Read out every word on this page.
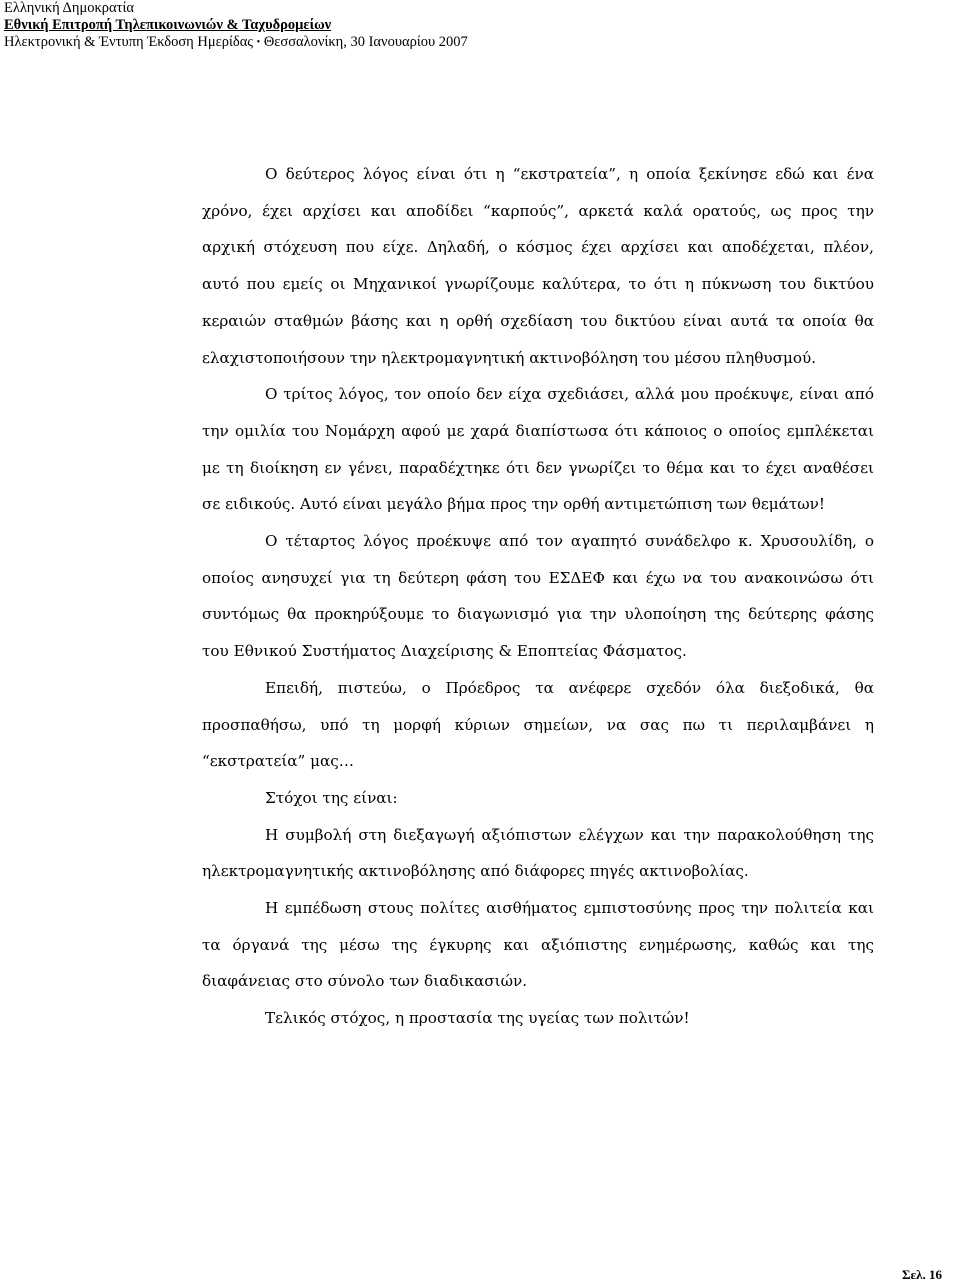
Ελληνική Δημοκρατία
Εθνική Επιτροπή Τηλεπικοινωνιών & Ταχυδρομείων
Ηλεκτρονική & Έντυπη Έκδοση Ημερίδας • Θεσσαλονίκη, 30 Ιανουαρίου 2007

Ο δεύτερος λόγος είναι ότι η “εκστρατεία”, η οποία ξεκίνησε εδώ και ένα χρόνο, έχει αρχίσει και αποδίδει “καρπούς”, αρκετά καλά ορατούς, ως προς την αρχική στόχευση που είχε. Δηλαδή, ο κόσμος έχει αρχίσει και αποδέχεται, πλέον, αυτό που εμείς οι Μηχανικοί γνωρίζουμε καλύτερα, το ότι η πύκνωση του δικτύου κεραιών σταθμών βάσης και η ορθή σχεδίαση του δικτύου είναι αυτά τα οποία θα ελαχιστοποιήσουν την ηλεκτρομαγνητική ακτινοβόληση του μέσου πληθυσμού.

Ο τρίτος λόγος, τον οποίο δεν είχα σχεδιάσει, αλλά μου προέκυψε, είναι από την ομιλία του Νομάρχη αφού με χαρά διαπίστωσα ότι κάποιος ο οποίος εμπλέκεται με τη διοίκηση εν γένει, παραδέχτηκε ότι δεν γνωρίζει το θέμα και το έχει αναθέσει σε ειδικούς. Αυτό είναι μεγάλο βήμα προς την ορθή αντιμετώπιση των θεμάτων!

Ο τέταρτος λόγος προέκυψε από τον αγαπητό συνάδελφο κ. Χρυσουλίδη, ο οποίος ανησυχεί για τη δεύτερη φάση του ΕΣΔΕΦ και έχω να του ανακοινώσω ότι συντόμως θα προκηρύξουμε το διαγωνισμό για την υλοποίηση της δεύτερης φάσης του Εθνικού Συστήματος Διαχείρισης & Εποπτείας Φάσματος.

Επειδή, πιστεύω, ο Πρόεδρος τα ανέφερε σχεδόν όλα διεξοδικά, θα προσπαθήσω, υπό τη μορφή κύριων σημείων, να σας πω τι περιλαμβάνει η “εκστρατεία” μας…

Στόχοι της είναι:

Η συμβολή στη διεξαγωγή αξιόπιστων ελέγχων και την παρακολούθηση της ηλεκτρομαγνητικής ακτινοβόλησης από διάφορες πηγές ακτινοβολίας.

Η εμπέδωση στους πολίτες αισθήματος εμπιστοσύνης προς την πολιτεία και τα όργανά της μέσω της έγκυρης και αξιόπιστης ενημέρωσης, καθώς και της διαφάνειας στο σύνολο των διαδικασιών.

Τελικός στόχος, η προστασία της υγείας των πολιτών!

Σελ. 16
